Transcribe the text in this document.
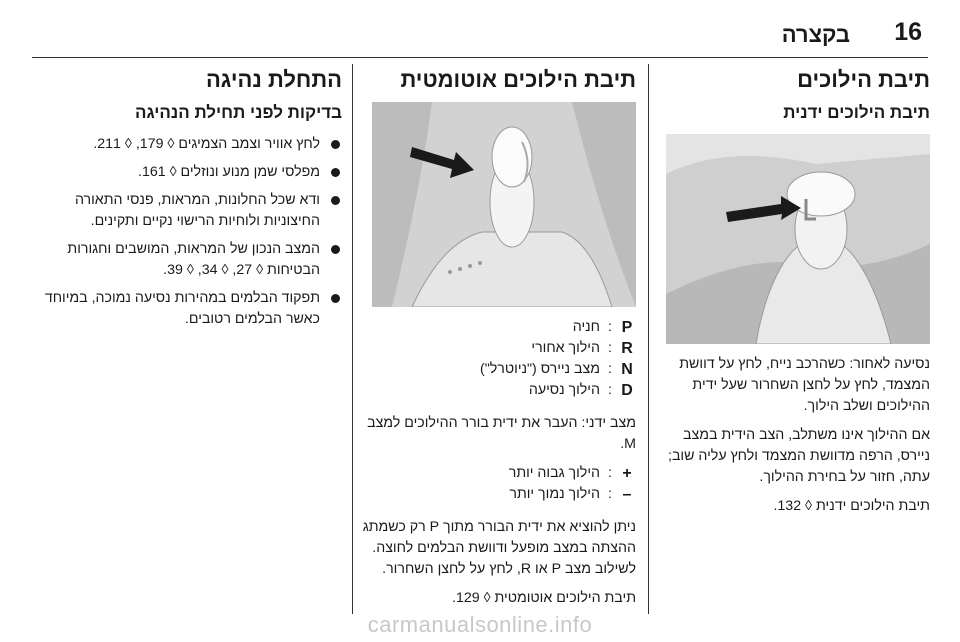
16
בקצרה
תיבת הילוכים
תיבת הילוכים ידנית

נסיעה לאחור: כשהרכב נייח, לחץ על דוושת המצמד, לחץ על לחצן השחרור שעל ידית ההילוכים ושלב הילוך.

אם ההילוך אינו משתלב, הצב הידית במצב ניירס, הרפה מדוושת המצמד ולחץ עליה שוב; עתה, חזור על בחירת ההילוך.

תיבת הילוכים ידנית ◊ 132.

תיבת הילוכים אוטומטית
P
:
חניה
R
:
הילוך אחורי
N
:
מצב ניירס ("ניוטרל")
D
:
הילוך נסיעה

מצב ידני: העבר את ידית בורר ההילוכים למצב M.

+
:
הילוך גבוה יותר
–
:
הילוך נמוך יותר

ניתן להוציא את ידית הבורר מתוך P רק כשמתג ההצתה במצב מופעל ודוושת הבלמים לחוצה. לשילוב מצב P או R, לחץ על לחצן השחרור.

תיבת הילוכים אוטומטית ◊ 129.

התחלת נהיגה
בדיקות לפני תחילת הנהיגה
לחץ אוויר וצמב הצמיגים ◊ 179, ◊ 211.
מפלסי שמן מנוע ונוזלים ◊ 161.
ודא שכל החלונות, המראות, פנסי התאורה החיצוניות ולוחיות הרישוי נקיים ותקינים.
המצב הנכון של המראות, המושבים וחגורות הבטיחות ◊ 27, ◊ 34, ◊ 39.
תפקוד הבלמים במהירות נסיעה נמוכה, במיוחד כאשר הבלמים רטובים.
carmanualsonline.info
